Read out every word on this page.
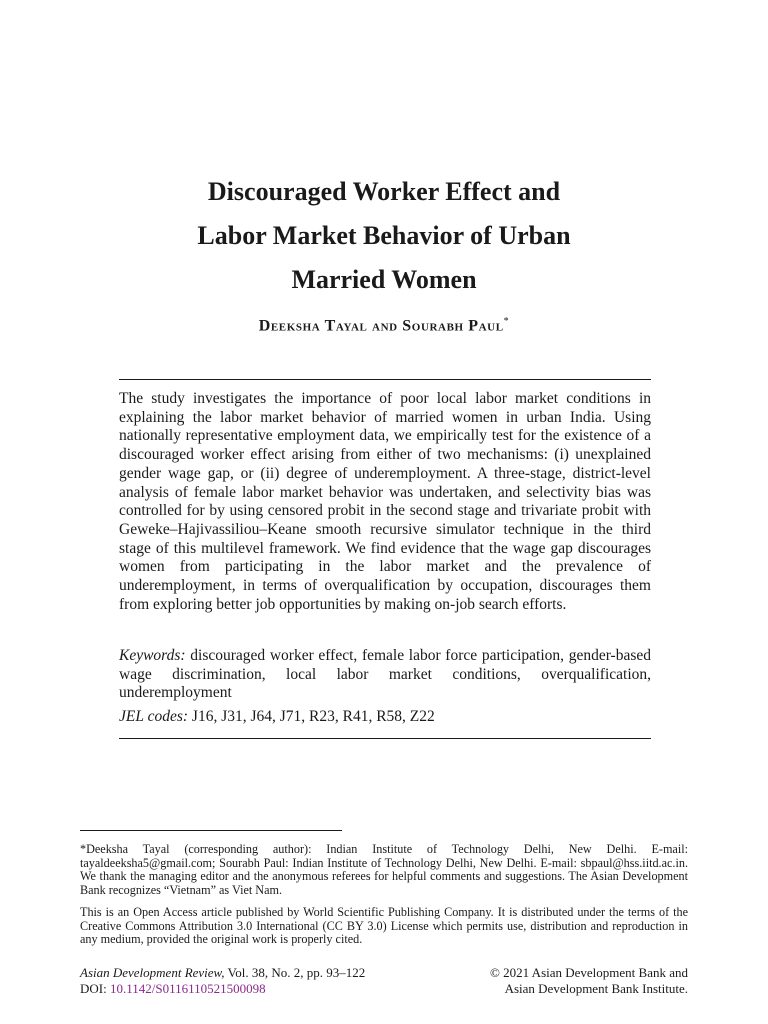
Discouraged Worker Effect and
Labor Market Behavior of Urban
Married Women
Deeksha Tayal and Sourabh Paul*

The study investigates the importance of poor local labor market conditions in explaining the labor market behavior of married women in urban India. Using nationally representative employment data, we empirically test for the existence of a discouraged worker effect arising from either of two mechanisms: (i) unexplained gender wage gap, or (ii) degree of underemployment. A three-stage, district-level analysis of female labor market behavior was undertaken, and selectivity bias was controlled for by using censored probit in the second stage and trivariate probit with Geweke–Hajivassiliou–Keane smooth recursive simulator technique in the third stage of this multilevel framework. We find evidence that the wage gap discourages women from participating in the labor market and the prevalence of underemployment, in terms of overqualification by occupation, discourages them from exploring better job opportunities by making on-job search efforts.

Keywords: discouraged worker effect, female labor force participation, gender-based wage discrimination, local labor market conditions, overqualification, underemployment

JEL codes: J16, J31, J64, J71, R23, R41, R58, Z22

*Deeksha Tayal (corresponding author): Indian Institute of Technology Delhi, New Delhi. E-mail: tayaldeeksha5@gmail.com; Sourabh Paul: Indian Institute of Technology Delhi, New Delhi. E-mail: sbpaul@hss.iitd.ac.in. We thank the managing editor and the anonymous referees for helpful comments and suggestions. The Asian Development Bank recognizes “Vietnam” as Viet Nam.

This is an Open Access article published by World Scientific Publishing Company. It is distributed under the terms of the Creative Commons Attribution 3.0 International (CC BY 3.0) License which permits use, distribution and reproduction in any medium, provided the original work is properly cited.

Asian Development Review, Vol. 38, No. 2, pp. 93–122
DOI: 10.1142/S0116110521500098
© 2021 Asian Development Bank and
Asian Development Bank Institute.
